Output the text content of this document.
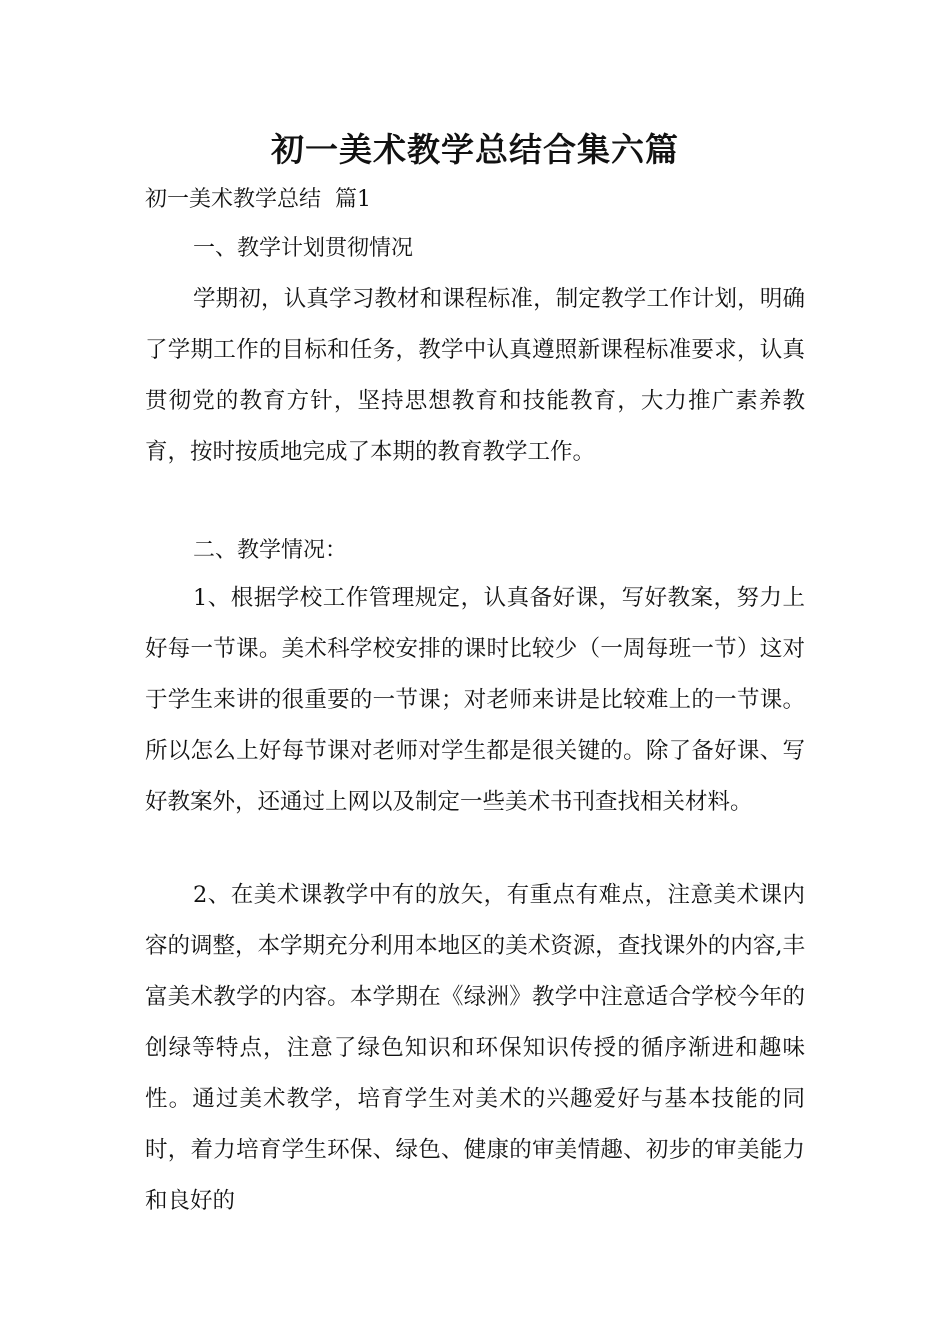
初一美术教学总结合集六篇
初一美术教学总结  篇1
一、教学计划贯彻情况
学期初，认真学习教材和课程标准，制定教学工作计划，明确了学期工作的目标和任务，教学中认真遵照新课程标准要求，认真贯彻党的教育方针，坚持思想教育和技能教育，大力推广素养教育，按时按质地完成了本期的教育教学工作。
二、教学情况：
1、根据学校工作管理规定，认真备好课，写好教案，努力上好每一节课。美术科学校安排的课时比较少（一周每班一节）这对于学生来讲的很重要的一节课；对老师来讲是比较难上的一节课。所以怎么上好每节课对老师对学生都是很关键的。除了备好课、写好教案外，还通过上网以及制定一些美术书刊查找相关材料。
2、在美术课教学中有的放矢，有重点有难点，注意美术课内容的调整，本学期充分利用本地区的美术资源，查找课外的内容,丰富美术教学的内容。本学期在《绿洲》教学中注意适合学校今年的创绿等特点，注意了绿色知识和环保知识传授的循序渐进和趣味性。通过美术教学，培育学生对美术的兴趣爱好与基本技能的同时，着力培育学生环保、绿色、健康的审美情趣、初步的审美能力和良好的
